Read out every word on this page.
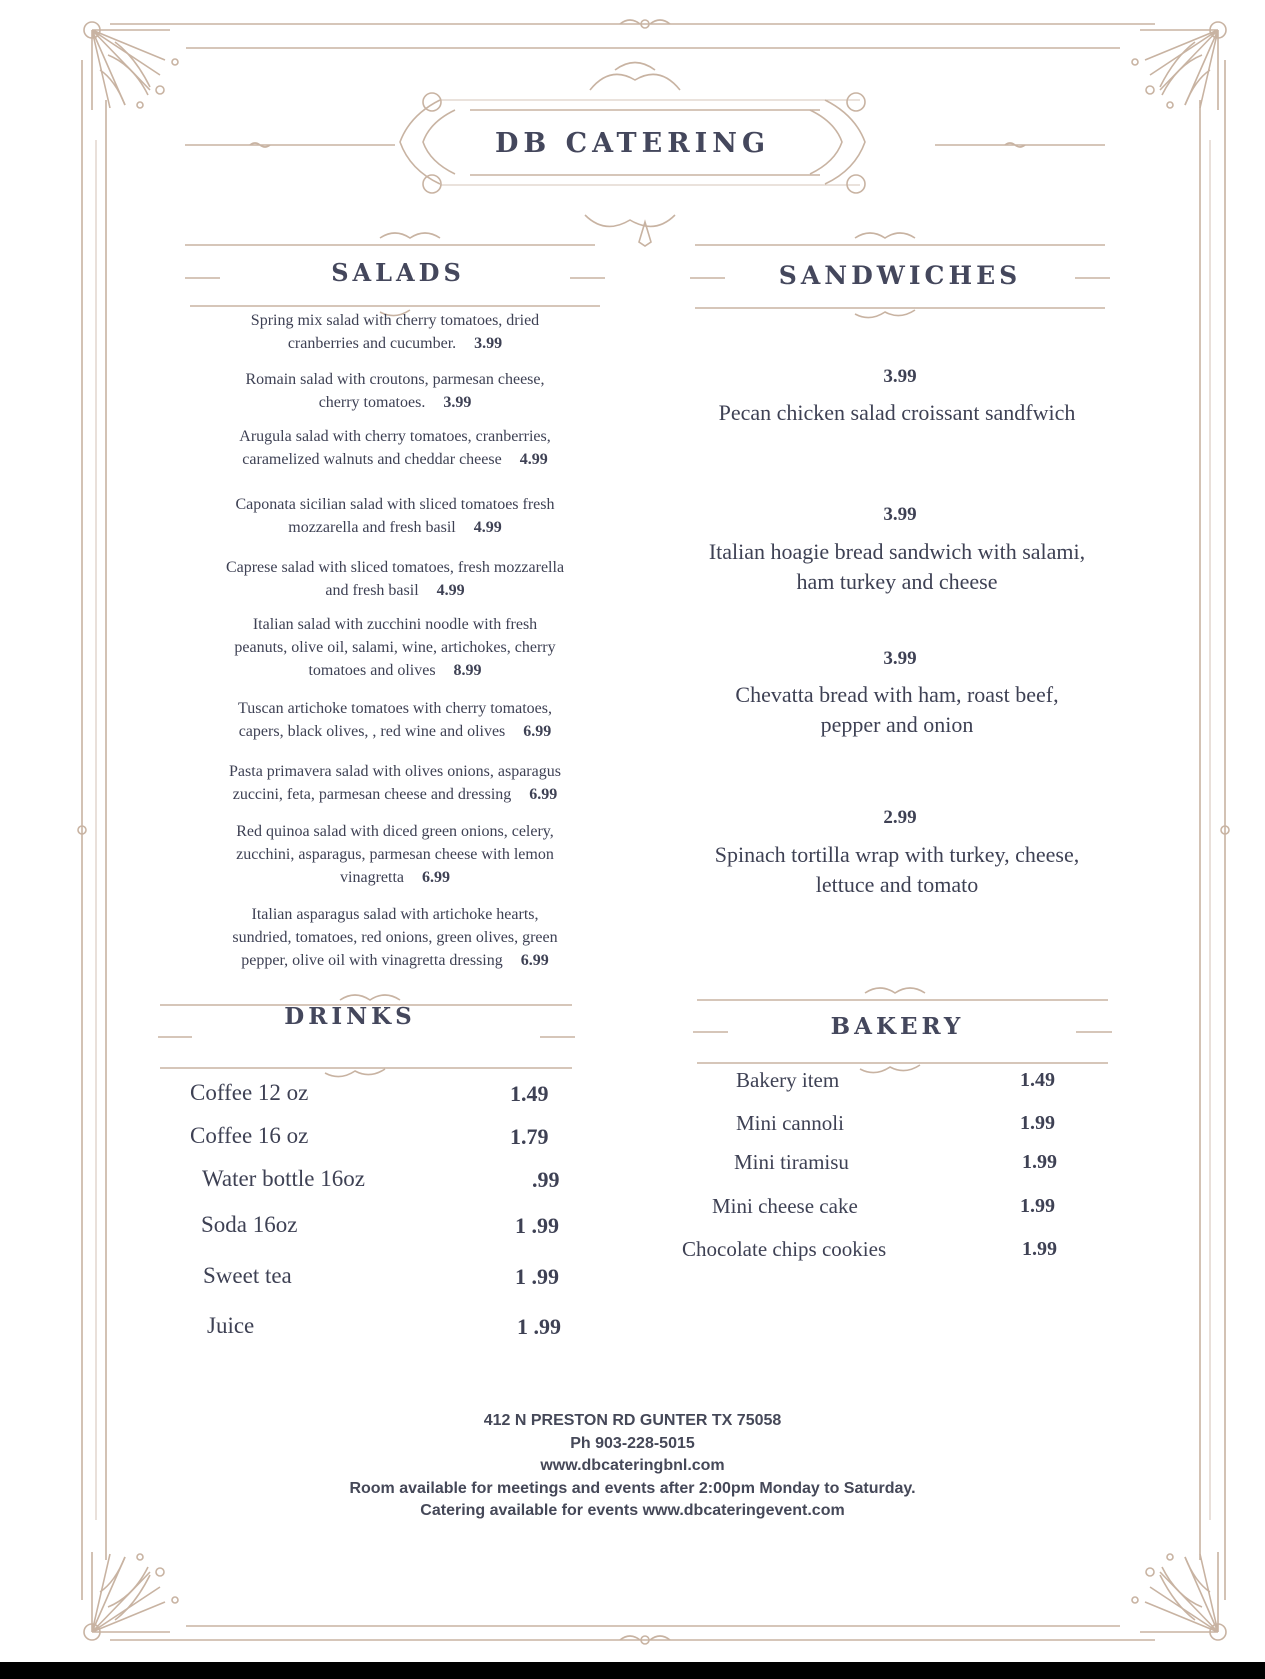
DB CATERING
SALADS
Spring mix salad with cherry tomatoes, dried
cranberries and cucumber. 3.99
Romain salad with croutons, parmesan cheese,
cherry tomatoes. 3.99
Arugula salad with cherry tomatoes, cranberries,
caramelized walnuts and cheddar cheese 4.99
Caponata sicilian salad with sliced tomatoes fresh
mozzarella and fresh basil 4.99
Caprese salad with sliced tomatoes, fresh mozzarella
and fresh basil 4.99
Italian salad with zucchini noodle with fresh
peanuts, olive oil, salami, wine, artichokes, cherry
tomatoes and olives 8.99
Tuscan artichoke tomatoes with cherry tomatoes,
capers, black olives, , red wine and olives 6.99
Pasta primavera salad with olives onions, asparagus
zuccini, feta, parmesan cheese and dressing 6.99
Red quinoa salad with diced green onions, celery,
zucchini, asparagus, parmesan cheese with lemon
vinagretta 6.99
Italian asparagus salad with artichoke hearts,
sundried, tomatoes, red onions, green olives, green
pepper, olive oil with vinagretta dressing 6.99
SANDWICHES
3.99
Pecan chicken salad croissant sandfwich
3.99
Italian hoagie bread sandwich with salami,
ham turkey and cheese
3.99
Chevatta bread with ham, roast beef,
pepper and onion
2.99
Spinach tortilla wrap with turkey, cheese,
lettuce and tomato
DRINKS
Coffee 12 oz	1.49
Coffee 16 oz	1.79
Water bottle 16oz	.99
Soda 16oz	1 .99
Sweet tea	1 .99
Juice	1 .99
BAKERY
Bakery item	1.49
Mini cannoli	1.99
Mini tiramisu	1.99
Mini cheese cake	1.99
Chocolate chips cookies	1.99
412 N PRESTON RD GUNTER TX 75058
Ph 903-228-5015
www.dbcateringbnl.com
Room available for meetings and events after 2:00pm Monday to Saturday.
Catering available for events www.dbcateringevent.com
